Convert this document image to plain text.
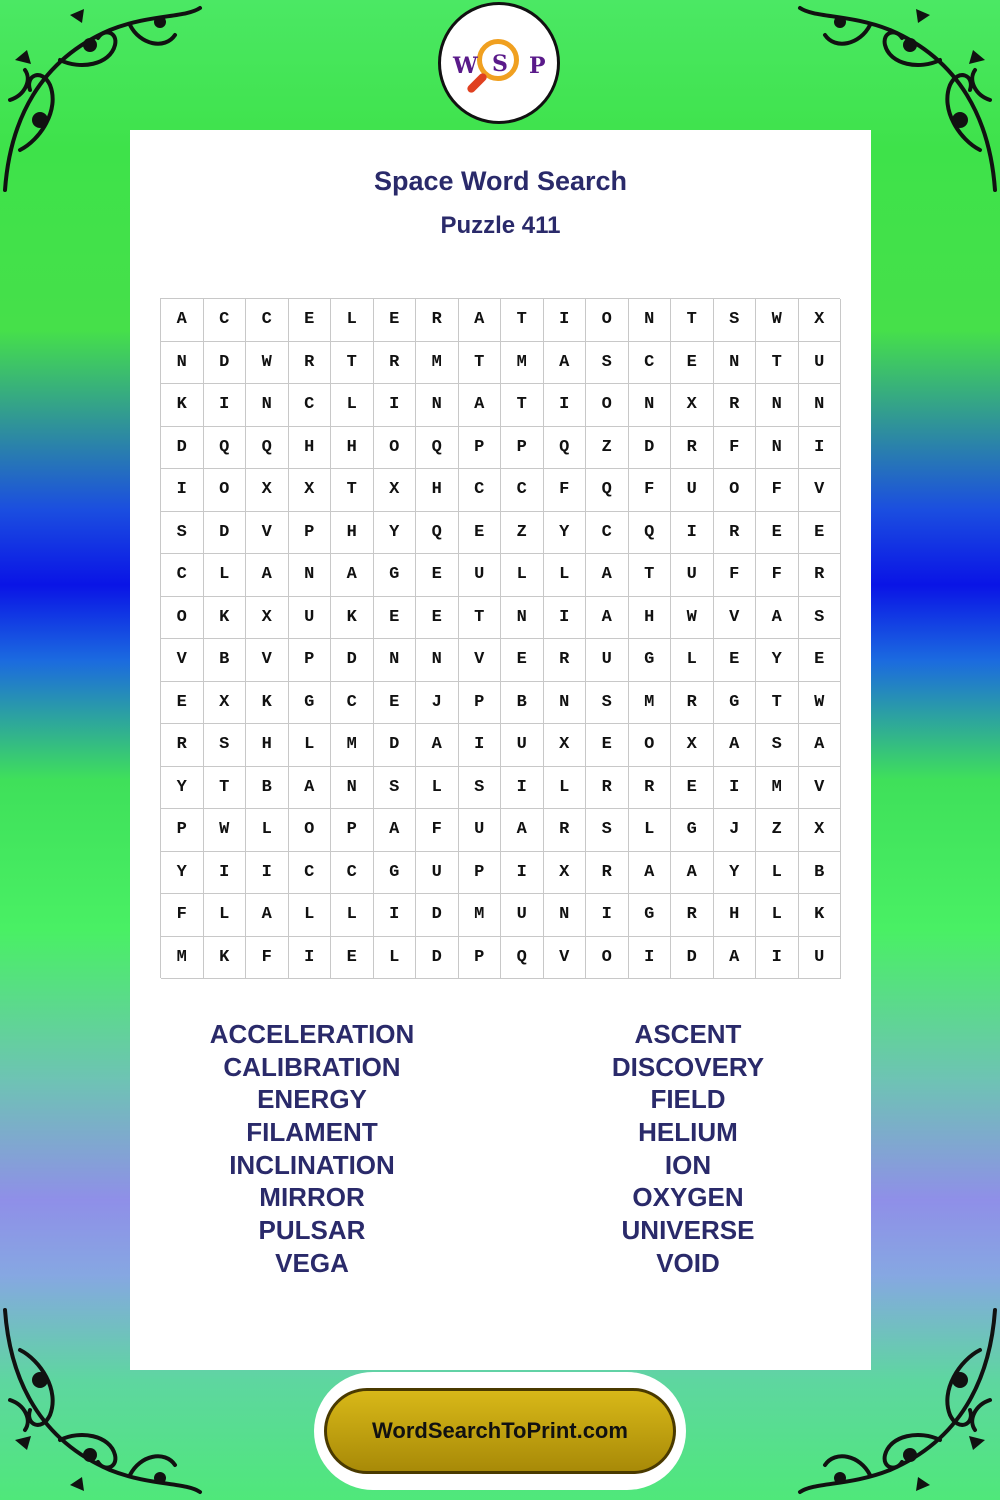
W S P
Space Word Search
Puzzle 411
A	C	C	E	L	E	R	A	T	I	O	N	T	S	W	X
N	D	W	R	T	R	M	T	M	A	S	C	E	N	T	U
K	I	N	C	L	I	N	A	T	I	O	N	X	R	N	N
D	Q	Q	H	H	O	Q	P	P	Q	Z	D	R	F	N	I
I	O	X	X	T	X	H	C	C	F	Q	F	U	O	F	V
S	D	V	P	H	Y	Q	E	Z	Y	C	Q	I	R	E	E
C	L	A	N	A	G	E	U	L	L	A	T	U	F	F	R
O	K	X	U	K	E	E	T	N	I	A	H	W	V	A	S
V	B	V	P	D	N	N	V	E	R	U	G	L	E	Y	E
E	X	K	G	C	E	J	P	B	N	S	M	R	G	T	W
R	S	H	L	M	D	A	I	U	X	E	O	X	A	S	A
Y	T	B	A	N	S	L	S	I	L	R	R	E	I	M	V
P	W	L	O	P	A	F	U	A	R	S	L	G	J	Z	X
Y	I	I	C	C	G	U	P	I	X	R	A	A	Y	L	B
F	L	A	L	L	I	D	M	U	N	I	G	R	H	L	K
M	K	F	I	E	L	D	P	Q	V	O	I	D	A	I	U
ACCELERATION
CALIBRATION
ENERGY
FILAMENT
INCLINATION
MIRROR
PULSAR
VEGA
ASCENT
DISCOVERY
FIELD
HELIUM
ION
OXYGEN
UNIVERSE
VOID
WordSearchToPrint.com
